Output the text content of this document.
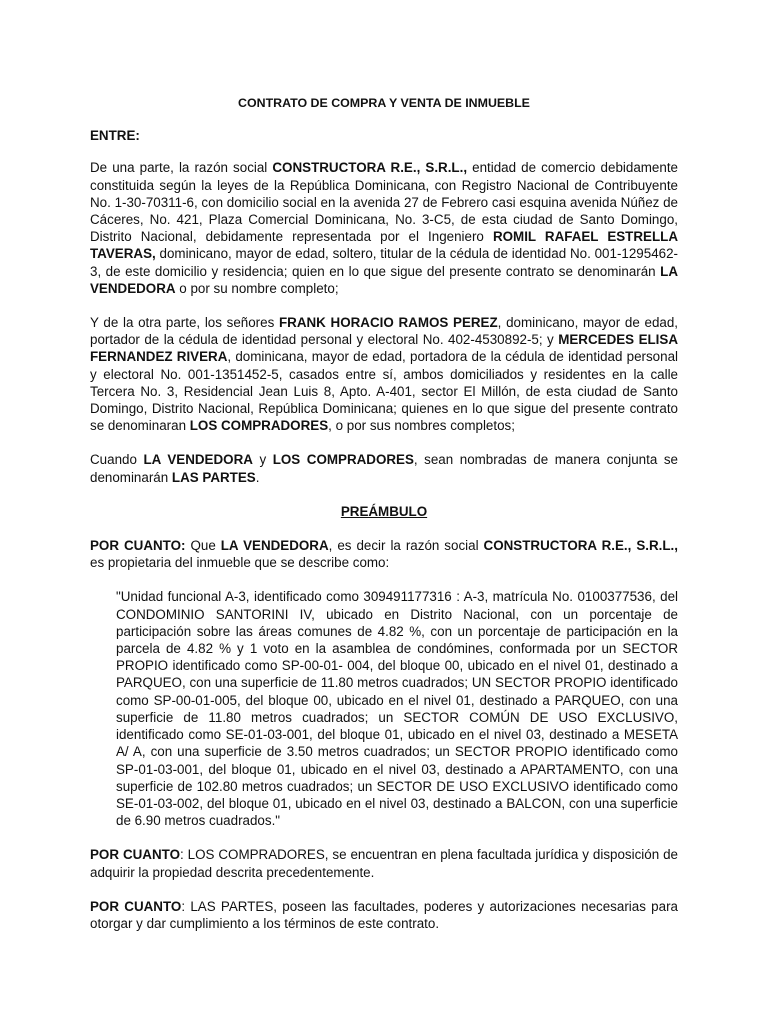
CONTRATO DE COMPRA Y VENTA DE INMUEBLE
ENTRE:

De una parte, la razón social CONSTRUCTORA R.E., S.R.L., entidad de comercio debidamente constituida según la leyes de la República Dominicana, con Registro Nacional de Contribuyente No. 1-30-70311-6, con domicilio social en la avenida 27 de Febrero casi esquina avenida Núñez de Cáceres, No. 421, Plaza Comercial Dominicana, No. 3-C5, de esta ciudad de Santo Domingo, Distrito Nacional, debidamente representada por el Ingeniero ROMIL RAFAEL ESTRELLA TAVERAS, dominicano, mayor de edad, soltero, titular de la cédula de identidad No. 001-1295462-3, de este domicilio y residencia; quien en lo que sigue del presente contrato se denominarán LA VENDEDORA o por su nombre completo;

Y de la otra parte, los señores FRANK HORACIO RAMOS PEREZ, dominicano, mayor de edad, portador de la cédula de identidad personal y electoral No. 402-4530892-5; y MERCEDES ELISA FERNANDEZ RIVERA, dominicana, mayor de edad, portadora de la cédula de identidad personal y electoral No. 001-1351452-5, casados entre sí, ambos domiciliados y residentes en la calle Tercera No. 3, Residencial Jean Luis 8, Apto. A-401, sector El Millón, de esta ciudad de Santo Domingo, Distrito Nacional, República Dominicana; quienes en lo que sigue del presente contrato se denominaran LOS COMPRADORES, o por sus nombres completos;

Cuando LA VENDEDORA y LOS COMPRADORES, sean nombradas de manera conjunta se denominarán LAS PARTES.

PREÁMBULO

POR CUANTO: Que LA VENDEDORA, es decir la razón social CONSTRUCTORA R.E., S.R.L., es propietaria del inmueble que se describe como:

"Unidad funcional A-3, identificado como 309491177316 : A-3, matrícula No. 0100377536, del CONDOMINIO SANTORINI IV, ubicado en Distrito Nacional, con un porcentaje de participación sobre las áreas comunes de 4.82 %, con un porcentaje de participación en la parcela de 4.82 % y 1 voto en la asamblea de condómines, conformada por un SECTOR PROPIO identificado como SP-00-01- 004, del bloque 00, ubicado en el nivel 01, destinado a PARQUEO, con una superficie de 11.80 metros cuadrados; UN SECTOR PROPIO identificado como SP-00-01-005, del bloque 00, ubicado en el nivel 01, destinado a PARQUEO, con una superficie de 11.80 metros cuadrados; un SECTOR COMÚN DE USO EXCLUSIVO, identificado como SE-01-03-001, del bloque 01, ubicado en el nivel 03, destinado a MESETA A/ A, con una superficie de 3.50 metros cuadrados; un SECTOR PROPIO identificado como SP-01-03-001, del bloque 01, ubicado en el nivel 03, destinado a APARTAMENTO, con una superficie de 102.80 metros cuadrados; un SECTOR DE USO EXCLUSIVO identificado como SE-01-03-002, del bloque 01, ubicado en el nivel 03, destinado a BALCON, con una superficie de 6.90 metros cuadrados."

POR CUANTO: LOS COMPRADORES, se encuentran en plena facultada jurídica y disposición de adquirir la propiedad descrita precedentemente.

POR CUANTO: LAS PARTES, poseen las facultades, poderes y autorizaciones necesarias para otorgar y dar cumplimiento a los términos de este contrato.
